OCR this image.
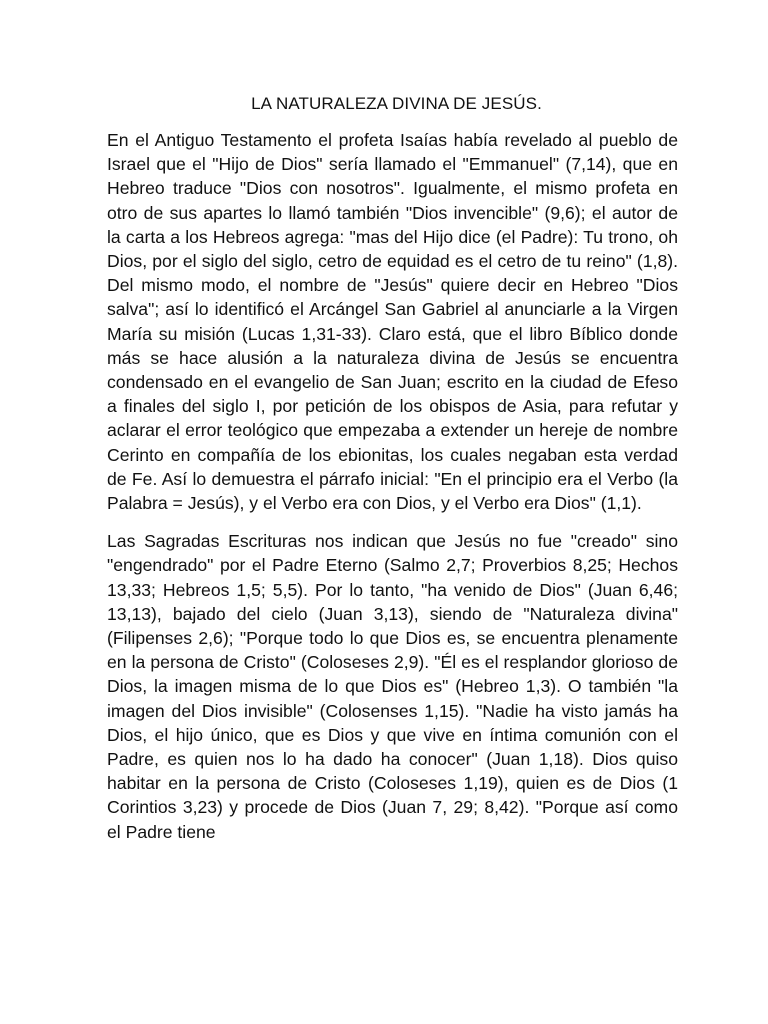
LA NATURALEZA DIVINA DE JESÚS.

En el Antiguo Testamento el profeta Isaías había revelado al pueblo de Israel que el "Hijo de Dios" sería llamado el "Emmanuel" (7,14), que en Hebreo traduce "Dios con nosotros". Igualmente, el mismo profeta en otro de sus apartes lo llamó también "Dios invencible" (9,6); el autor de la carta a los Hebreos agrega: "mas del Hijo dice (el Padre): Tu trono, oh Dios, por el siglo del siglo, cetro de equidad es el cetro de tu reino" (1,8). Del mismo modo, el nombre de "Jesús" quiere decir en Hebreo "Dios salva"; así lo identificó el Arcángel San Gabriel al anunciarle a la Virgen María su misión (Lucas 1,31-33). Claro está, que el libro Bíblico donde más se hace alusión a la naturaleza divina de Jesús se encuentra condensado en el evangelio de San Juan; escrito en la ciudad de Efeso a finales del siglo I, por petición de los obispos de Asia, para refutar y aclarar el error teológico que empezaba a extender un hereje de nombre Cerinto en compañía de los ebionitas, los cuales negaban esta verdad de Fe. Así lo demuestra el párrafo inicial: "En el principio era el Verbo (la Palabra = Jesús), y el Verbo era con Dios, y el Verbo era Dios" (1,1).

Las Sagradas Escrituras nos indican que Jesús no fue "creado" sino "engendrado" por el Padre Eterno (Salmo 2,7; Proverbios 8,25; Hechos 13,33; Hebreos 1,5; 5,5). Por lo tanto, "ha venido de Dios" (Juan 6,46; 13,13), bajado del cielo (Juan 3,13), siendo de "Naturaleza divina" (Filipenses 2,6); "Porque todo lo que Dios es, se encuentra plenamente en la persona de Cristo" (Coloseses 2,9). "Él es el resplandor glorioso de Dios, la imagen misma de lo que Dios es" (Hebreo 1,3). O también "la imagen del Dios invisible" (Colosenses 1,15). "Nadie ha visto jamás ha Dios, el hijo único, que es Dios y que vive en íntima comunión con el Padre, es quien nos lo ha dado ha conocer" (Juan 1,18). Dios quiso habitar en la persona de Cristo (Coloseses 1,19), quien es de Dios (1 Corintios 3,23) y procede de Dios (Juan 7, 29; 8,42). "Porque así como el Padre tiene
